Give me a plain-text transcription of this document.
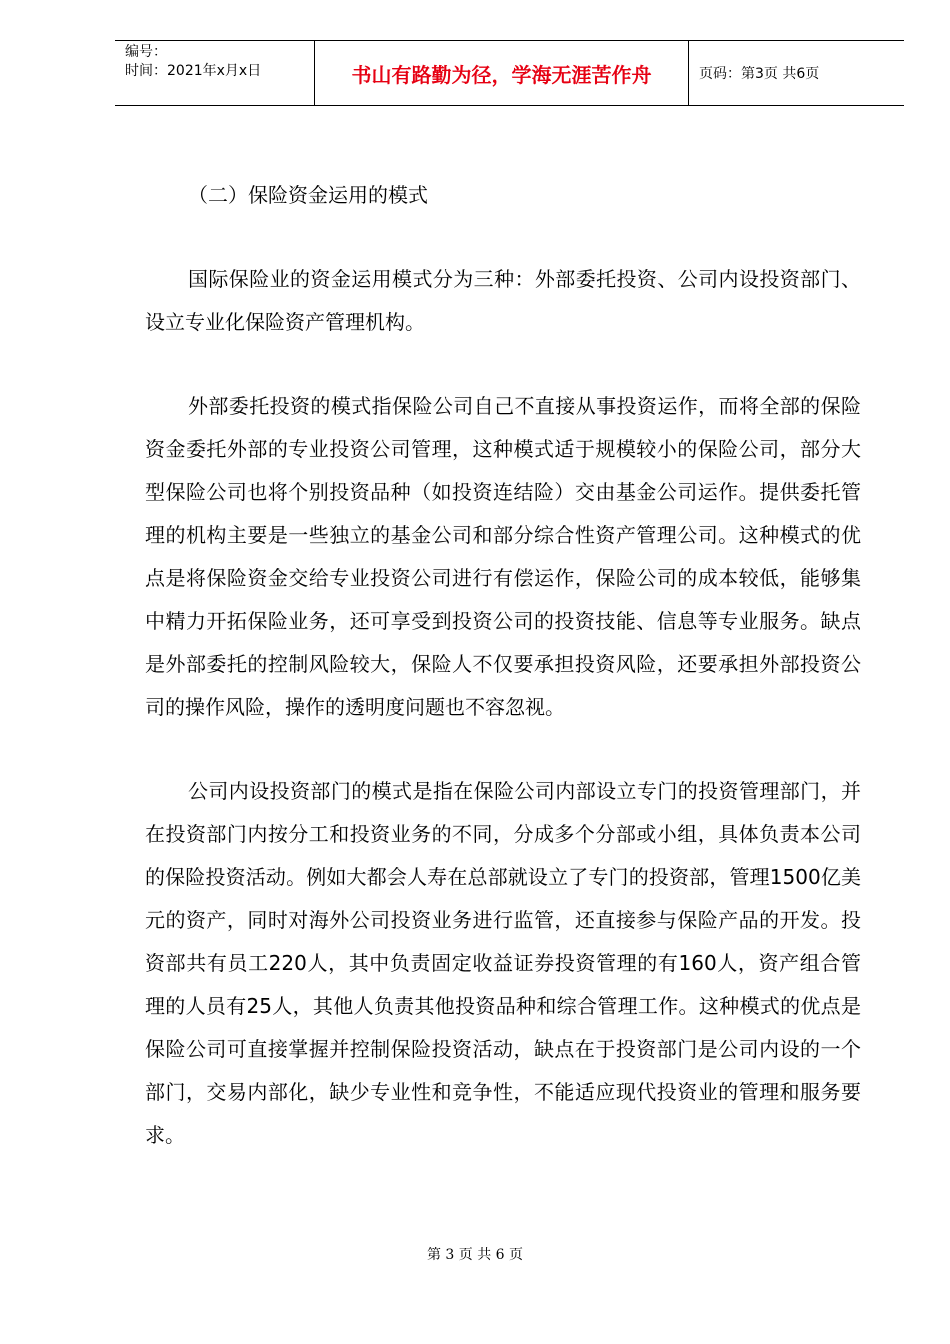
编号：
时间：2021年x月x日	书山有路勤为径，学海无涯苦作舟	页码：第3页 共6页

（二）保险资金运用的模式

国际保险业的资金运用模式分为三种：外部委托投资、公司内设投资部门、设立专业化保险资产管理机构。

外部委托投资的模式指保险公司自己不直接从事投资运作，而将全部的保险资金委托外部的专业投资公司管理，这种模式适于规模较小的保险公司，部分大型保险公司也将个别投资品种（如投资连结险）交由基金公司运作。提供委托管理的机构主要是一些独立的基金公司和部分综合性资产管理公司。这种模式的优点是将保险资金交给专业投资公司进行有偿运作，保险公司的成本较低，能够集中精力开拓保险业务，还可享受到投资公司的投资技能、信息等专业服务。缺点是外部委托的控制风险较大，保险人不仅要承担投资风险，还要承担外部投资公司的操作风险，操作的透明度问题也不容忽视。

公司内设投资部门的模式是指在保险公司内部设立专门的投资管理部门，并在投资部门内按分工和投资业务的不同，分成多个分部或小组，具体负责本公司的保险投资活动。例如大都会人寿在总部就设立了专门的投资部，管理1500亿美元的资产，同时对海外公司投资业务进行监管，还直接参与保险产品的开发。投资部共有员工220人，其中负责固定收益证券投资管理的有160人，资产组合管理的人员有25人，其他人负责其他投资品种和综合管理工作。这种模式的优点是保险公司可直接掌握并控制保险投资活动，缺点在于投资部门是公司内设的一个部门，交易内部化，缺少专业性和竞争性，不能适应现代投资业的管理和服务要求。

第 3 页 共 6 页
